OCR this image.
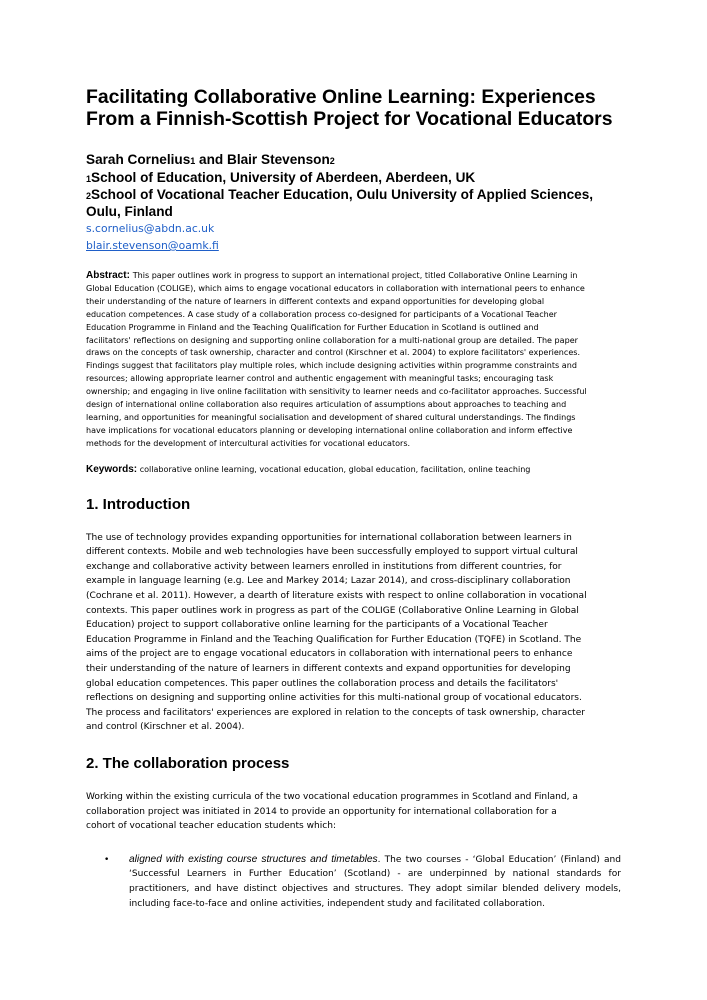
Facilitating Collaborative Online Learning: Experiences
From a Finnish-Scottish Project for Vocational Educators

Sarah Cornelius1 and Blair Stevenson2

1School of Education, University of Aberdeen, Aberdeen, UK

2School of Vocational Teacher Education, Oulu University of Applied Sciences,
Oulu, Finland

s.cornelius@abdn.ac.uk
blair.stevenson@oamk.fi
Abstract: This paper outlines work in progress to support an international project, titled Collaborative Online Learning in
Global Education (COLIGE), which aims to engage vocational educators in collaboration with international peers to enhance
their understanding of the nature of learners in different contexts and expand opportunities for developing global
education competences. A case study of a collaboration process co-designed for participants of a Vocational Teacher
Education Programme in Finland and the Teaching Qualification for Further Education in Scotland is outlined and
facilitators' reflections on designing and supporting online collaboration for a multi-national group are detailed. The paper
draws on the concepts of task ownership, character and control (Kirschner et al. 2004) to explore facilitators' experiences.
Findings suggest that facilitators play multiple roles, which include designing activities within programme constraints and
resources; allowing appropriate learner control and authentic engagement with meaningful tasks; encouraging task
ownership; and engaging in live online facilitation with sensitivity to learner needs and co-facilitator approaches. Successful
design of international online collaboration also requires articulation of assumptions about approaches to teaching and
learning, and opportunities for meaningful socialisation and development of shared cultural understandings. The findings
have implications for vocational educators planning or developing international online collaboration and inform effective
methods for the development of intercultural activities for vocational educators.

Keywords: collaborative online learning, vocational education, global education, facilitation, online teaching

1. Introduction
The use of technology provides expanding opportunities for international collaboration between learners in
different contexts. Mobile and web technologies have been successfully employed to support virtual cultural
exchange and collaborative activity between learners enrolled in institutions from different countries, for
example in language learning (e.g. Lee and Markey 2014; Lazar 2014), and cross-disciplinary collaboration
(Cochrane et al. 2011). However, a dearth of literature exists with respect to online collaboration in vocational
contexts. This paper outlines work in progress as part of the COLIGE (Collaborative Online Learning in Global
Education) project to support collaborative online learning for the participants of a Vocational Teacher
Education Programme in Finland and the Teaching Qualification for Further Education (TQFE) in Scotland. The
aims of the project are to engage vocational educators in collaboration with international peers to enhance
their understanding of the nature of learners in different contexts and expand opportunities for developing
global education competences. This paper outlines the collaboration process and details the facilitators'
reflections on designing and supporting online activities for this multi-national group of vocational educators.
The process and facilitators' experiences are explored in relation to the concepts of task ownership, character
and control (Kirschner et al. 2004).
2. The collaboration process
Working within the existing curricula of the two vocational education programmes in Scotland and Finland, a
collaboration project was initiated in 2014 to provide an opportunity for international collaboration for a
cohort of vocational teacher education students which:
• aligned with existing course structures and timetables. The two courses - ‘Global Education’ (Finland) and ‘Successful Learners in Further Education’ (Scotland) - are underpinned by national standards for practitioners, and have distinct objectives and structures. They adopt similar blended delivery models, including face-to-face and online activities, independent study and facilitated collaboration.
